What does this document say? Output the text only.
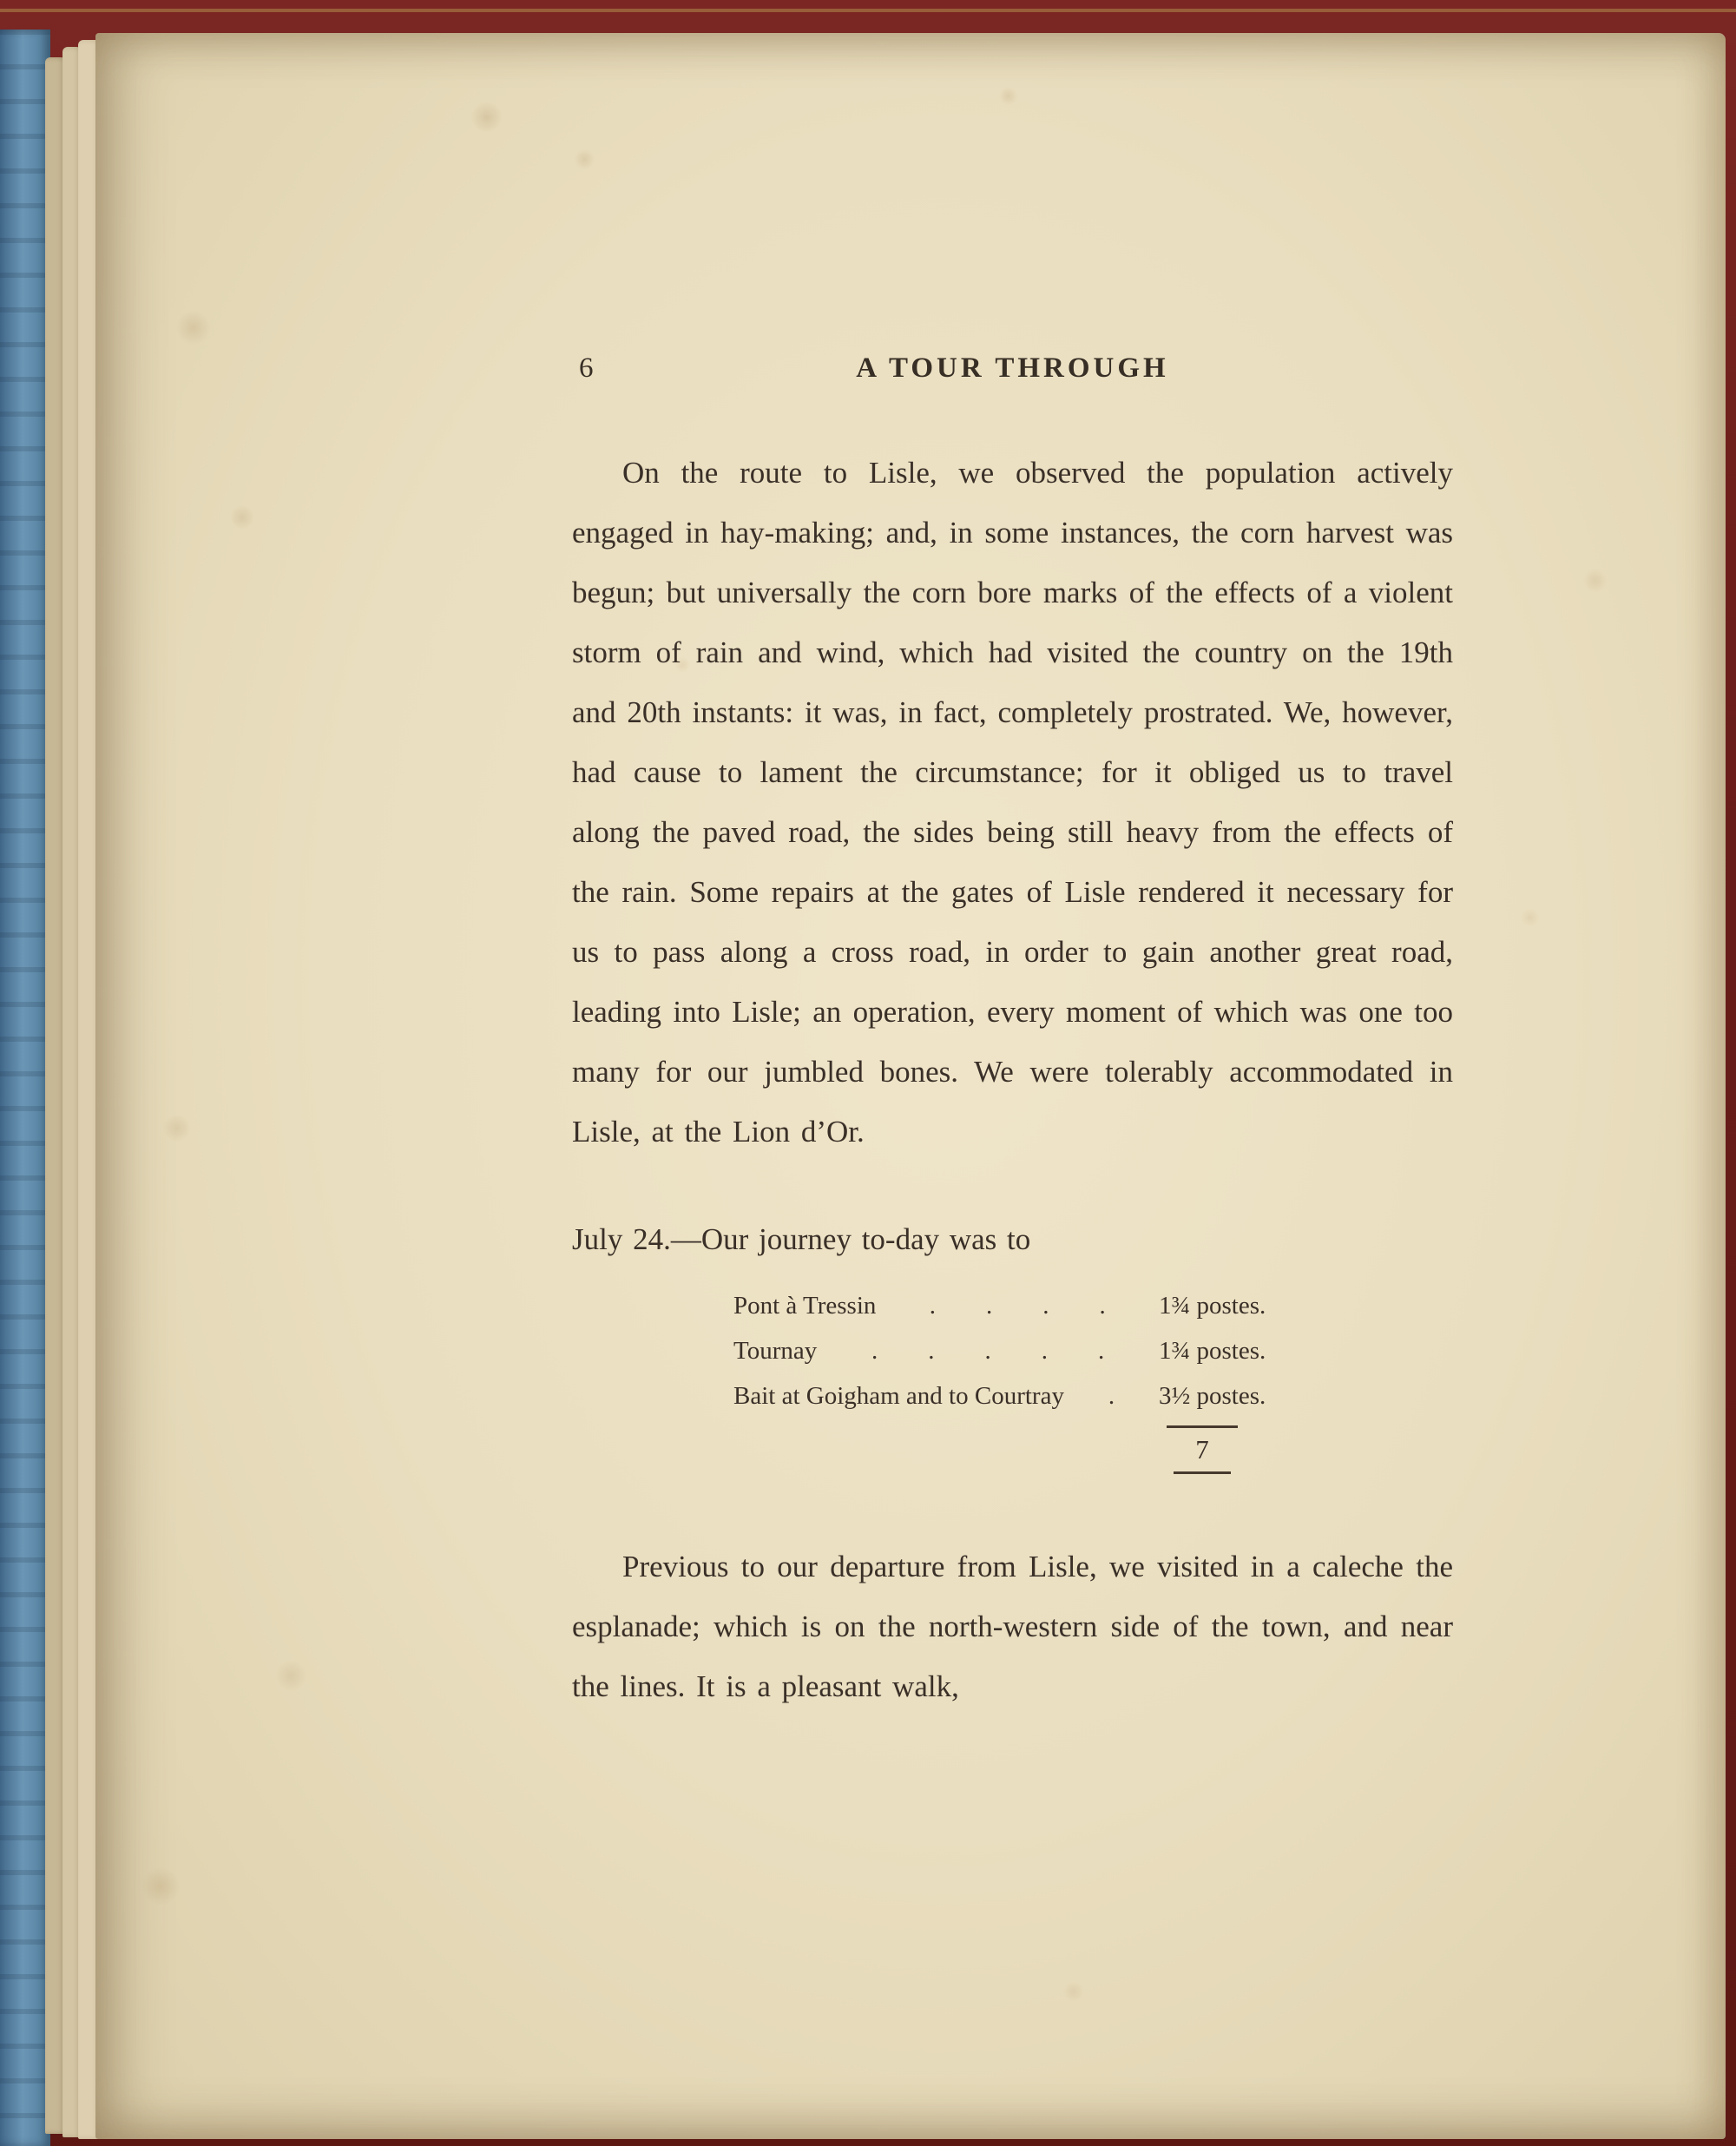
6	A TOUR THROUGH

On the route to Lisle, we observed the population actively engaged in hay-making; and, in some instances, the corn harvest was begun; but universally the corn bore marks of the effects of a violent storm of rain and wind, which had visited the country on the 19th and 20th instants: it was, in fact, completely prostrated. We, however, had cause to lament the circumstance; for it obliged us to travel along the paved road, the sides being still heavy from the effects of the rain. Some repairs at the gates of Lisle rendered it necessary for us to pass along a cross road, in order to gain another great road, leading into Lisle; an operation, every moment of which was one too many for our jumbled bones. We were tolerably accommodated in Lisle, at the Lion d’Or.

July 24.—Our journey to-day was to

Pont à Tressin	.  .  .  .	1¾ postes.
Tournay	.  .  .  .  .	1¾ postes.
Bait at Goigham and to Courtray	.	3½ postes.
7

Previous to our departure from Lisle, we visited in a caleche the esplanade; which is on the north-western side of the town, and near the lines. It is a pleasant walk,
